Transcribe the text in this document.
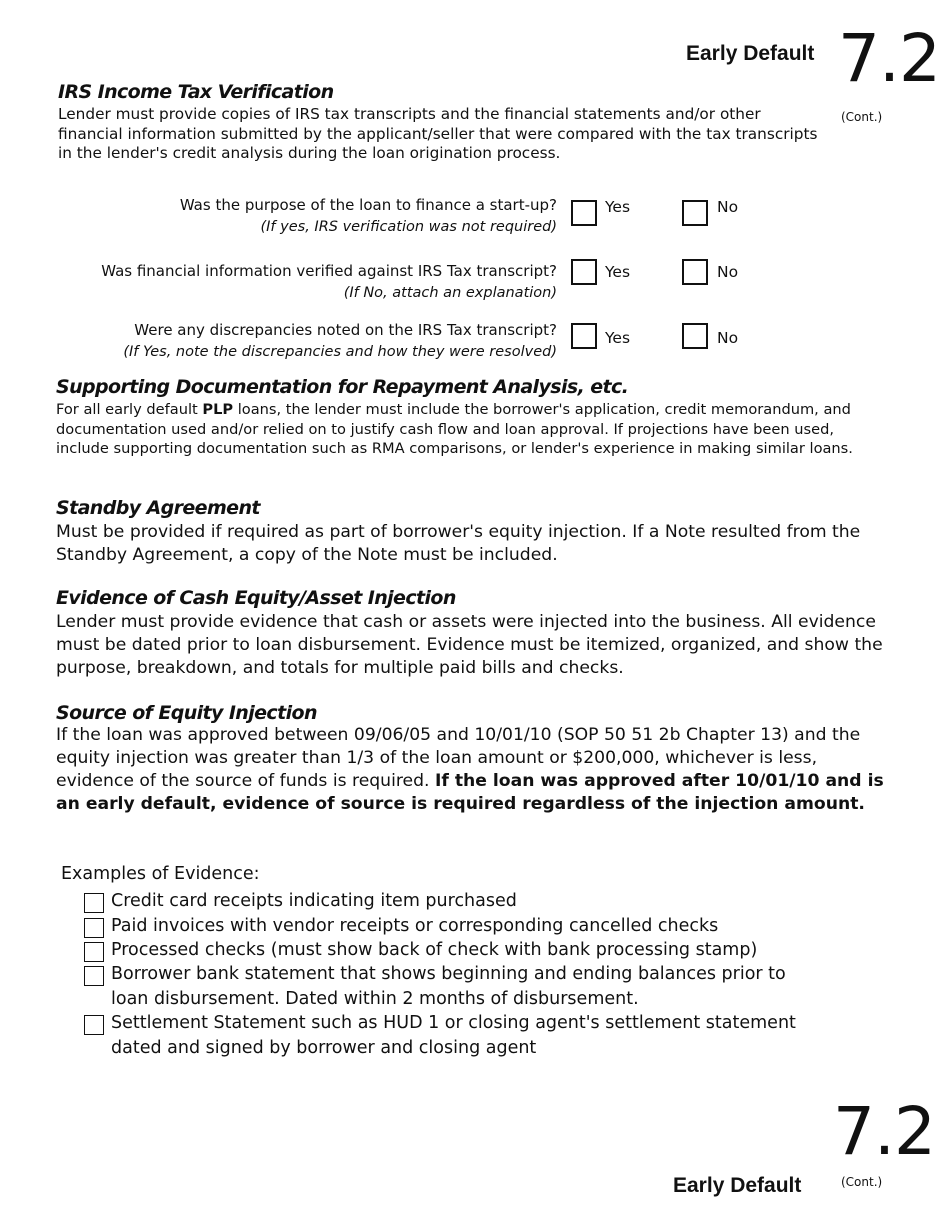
Early Default 7.2
(Cont.)
IRS Income Tax Verification
Lender must provide copies of IRS tax transcripts and the financial statements and/or other financial information submitted by the applicant/seller that were compared with the tax transcripts in the lender's credit analysis during the loan origination process.
Was the purpose of the loan to finance a start-up?
(If yes, IRS verification was not required)
Yes	No
Was financial information verified against IRS Tax transcript?
(If No, attach an explanation)
Yes	No
Were any discrepancies noted on the IRS Tax transcript?
(If Yes, note the discrepancies and how they were resolved)
Yes	No
Supporting Documentation for Repayment Analysis, etc.
For all early default PLP loans, the lender must include the borrower's application, credit memorandum, and documentation used and/or relied on to justify cash flow and loan approval. If projections have been used, include supporting documentation such as RMA comparisons, or lender's experience in making similar loans.
Standby Agreement
Must be provided if required as part of borrower's equity injection. If a Note resulted from the Standby Agreement, a copy of the Note must be included.
Evidence of Cash Equity/Asset Injection
Lender must provide evidence that cash or assets were injected into the business. All evidence must be dated prior to loan disbursement. Evidence must be itemized, organized, and show the purpose, breakdown, and totals for multiple paid bills and checks.
Source of Equity Injection
If the loan was approved between 09/06/05 and 10/01/10 (SOP 50 51 2b Chapter 13) and the equity injection was greater than 1/3 of the loan amount or $200,000, whichever is less, evidence of the source of funds is required. If the loan was approved after 10/01/10 and is an early default, evidence of source is required regardless of the injection amount.
Examples of Evidence:
Credit card receipts indicating item purchased
Paid invoices with vendor receipts or corresponding cancelled checks
Processed checks (must show back of check with bank processing stamp)
Borrower bank statement that shows beginning and ending balances prior to loan disbursement. Dated within 2 months of disbursement.
Settlement Statement such as HUD 1 or closing agent's settlement statement dated and signed by borrower and closing agent
7.2
Early Default	(Cont.)
